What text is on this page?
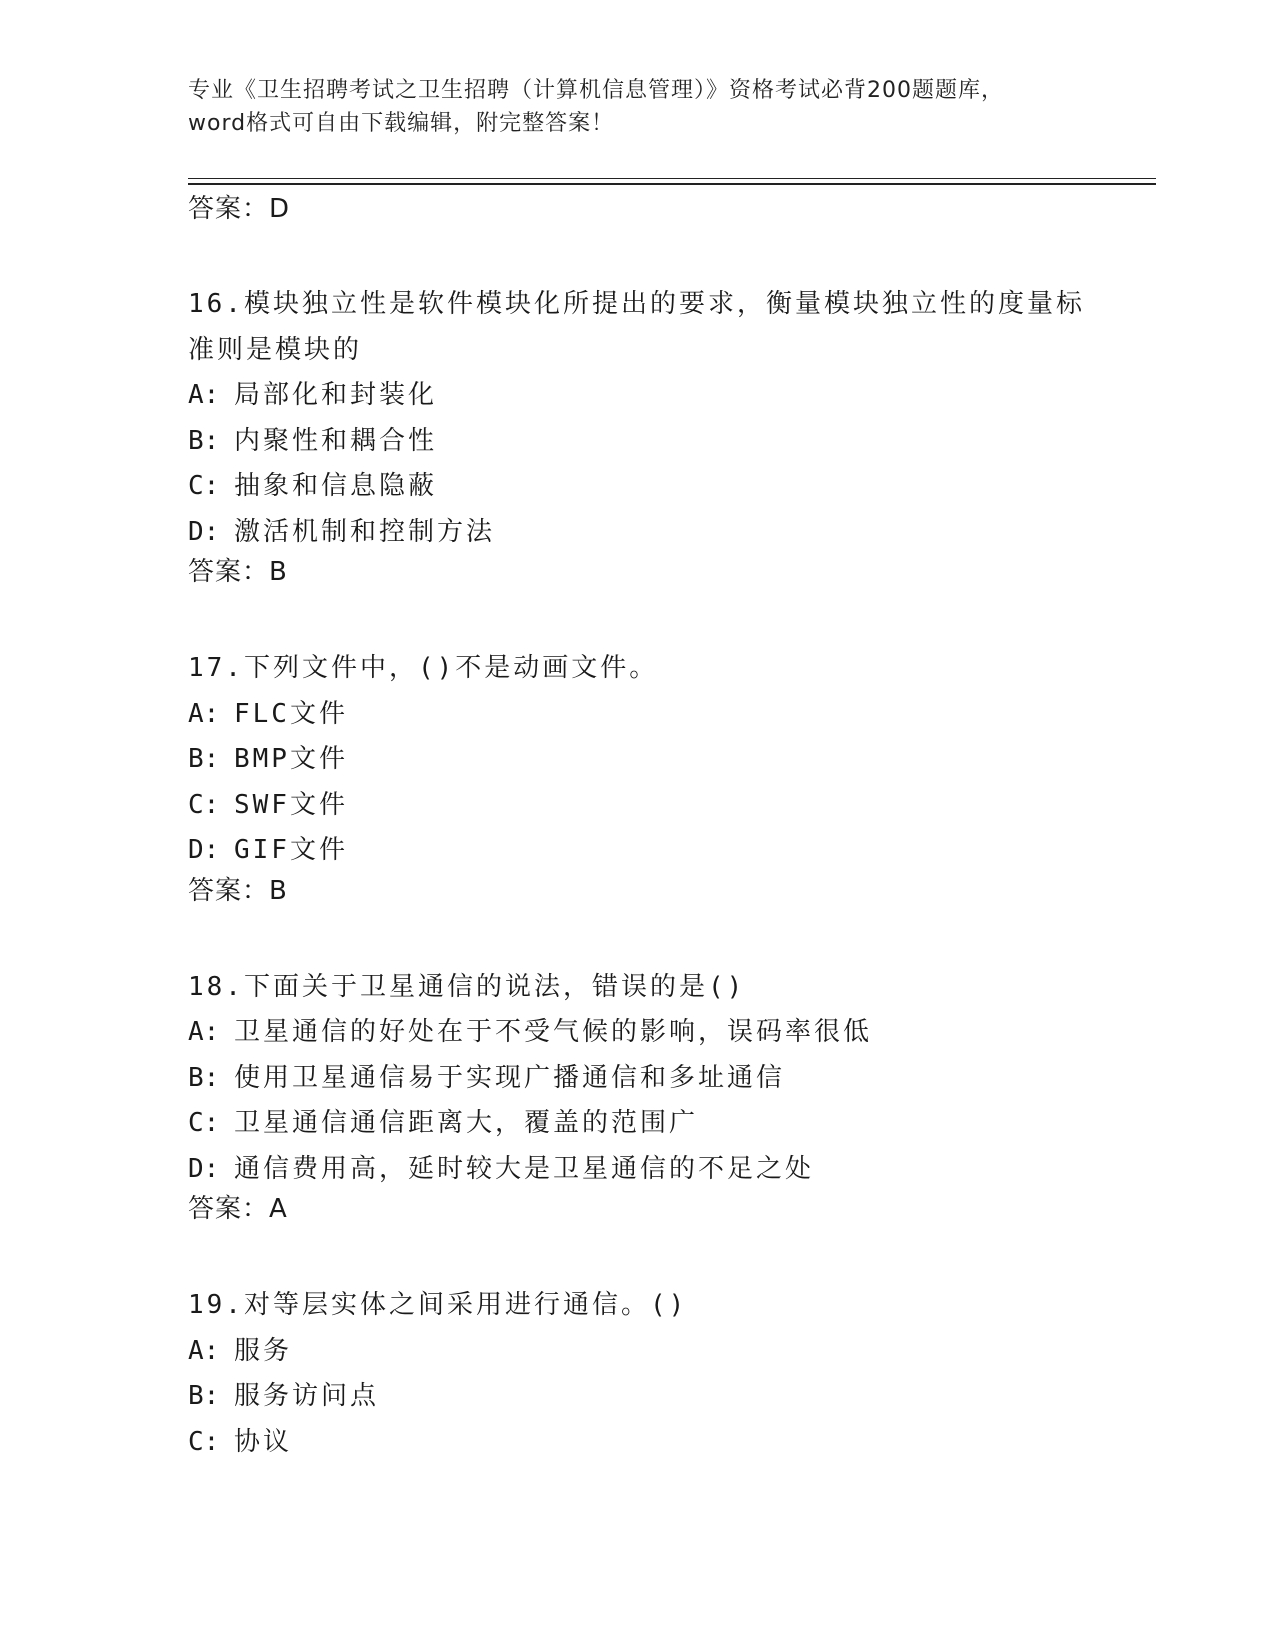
专业《卫生招聘考试之卫生招聘（计算机信息管理）》资格考试必背200题题库，
word格式可自由下载编辑，附完整答案！
答案：D
16.模块独立性是软件模块化所提出的要求，衡量模块独立性的度量标准则是模块的
A: 局部化和封装化
B: 内聚性和耦合性
C: 抽象和信息隐蔽
D: 激活机制和控制方法
答案：B
17.下列文件中，()不是动画文件。
A: FLC文件
B: BMP文件
C: SWF文件
D: GIF文件
答案：B
18.下面关于卫星通信的说法，错误的是()
A: 卫星通信的好处在于不受气候的影响，误码率很低
B: 使用卫星通信易于实现广播通信和多址通信
C: 卫星通信通信距离大，覆盖的范围广
D: 通信费用高，延时较大是卫星通信的不足之处
答案：A
19.对等层实体之间采用进行通信。()
A: 服务
B: 服务访问点
C: 协议
